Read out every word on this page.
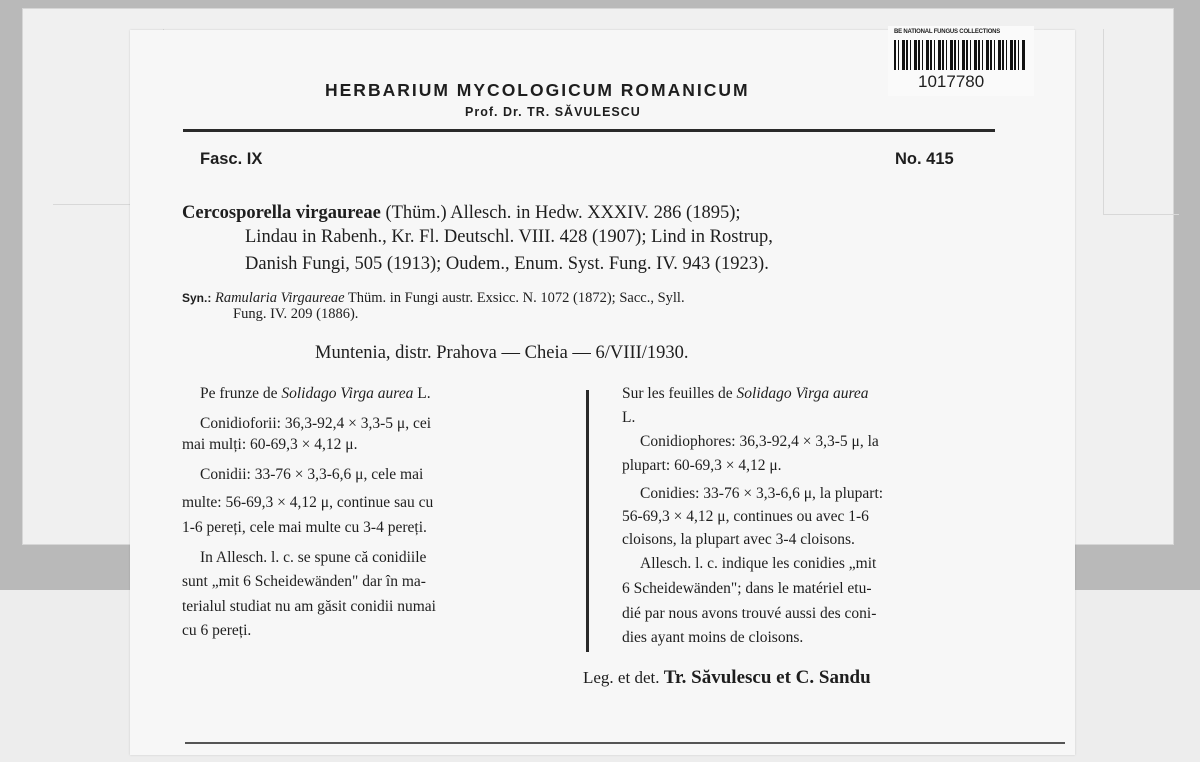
BE NATIONAL FUNGUS COLLECTIONS
1017780
HERBARIUM MYCOLOGICUM ROMANICUM
Prof. Dr. TR. SĂVULESCU
Fasc. IX	No. 415
Cercosporella virgaureae (Thüm.) Allesch. in Hedw. XXXIV. 286 (1895);
Lindau in Rabenh., Kr. Fl. Deutschl. VIII. 428 (1907); Lind in Rostrup,
Danish Fungi, 505 (1913); Oudem., Enum. Syst. Fung. IV. 943 (1923).
Syn.: Ramularia Virgaureae Thüm. in Fungi austr. Exsicc. N. 1072 (1872); Sacc., Syll.
Fung. IV. 209 (1886).
Muntenia, distr. Prahova — Cheia — 6/VIII/1930.
Pe frunze de Solidago Virga aurea L.
Conidioforii: 36,3-92,4 × 3,3-5 μ, cei
mai mulți: 60-69,3 × 4,12 μ.
Conidii: 33-76 × 3,3-6,6 μ, cele mai
multe: 56-69,3 × 4,12 μ, continue sau cu
1-6 pereți, cele mai multe cu 3-4 pereți.
In Allesch. l. c. se spune că conidiile
sunt „mit 6 Scheidewänden" dar în ma-
terialul studiat nu am găsit conidii numai
cu 6 pereți.
Sur les feuilles de Solidago Virga aurea
L.
Conidiophores: 36,3-92,4 × 3,3-5 μ, la
plupart: 60-69,3 × 4,12 μ.
Conidies: 33-76 × 3,3-6,6 μ, la plupart:
56-69,3 × 4,12 μ, continues ou avec 1-6
cloisons, la plupart avec 3-4 cloisons.
Allesch. l. c. indique les conidies „mit
6 Scheidewänden"; dans le matériel etu-
dié par nous avons trouvé aussi des coni-
dies ayant moins de cloisons.
Leg. et det. Tr. Săvulescu et C. Sandu
